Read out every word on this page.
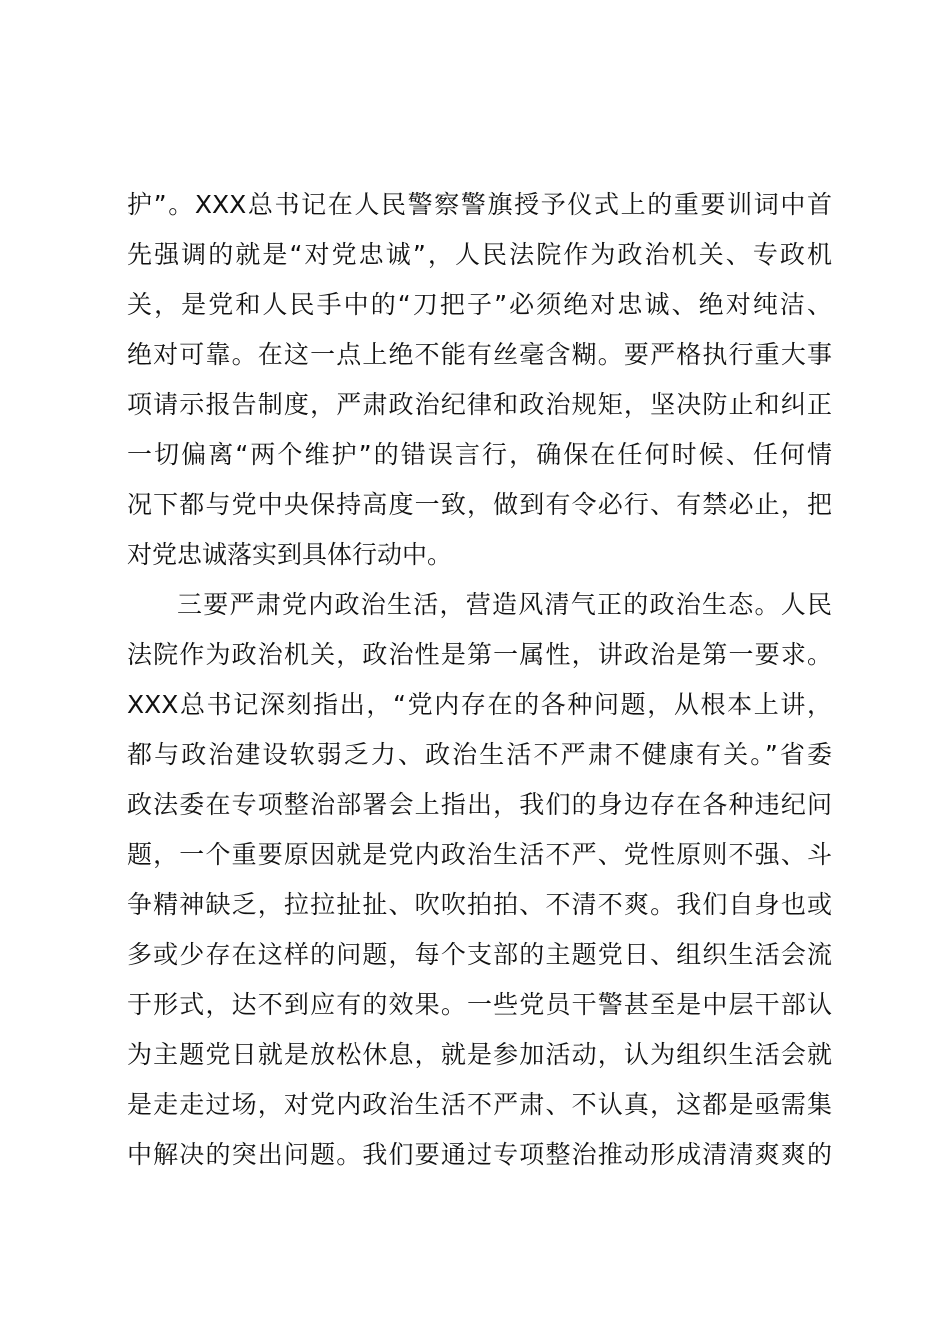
护”。XXX总书记在人民警察警旗授予仪式上的重要训词中首
先强调的就是“对党忠诚”，人民法院作为政治机关、专政机
关，是党和人民手中的“刀把子”必须绝对忠诚、绝对纯洁、
绝对可靠。在这一点上绝不能有丝毫含糊。要严格执行重大事
项请示报告制度，严肃政治纪律和政治规矩，坚决防止和纠正
一切偏离“两个维护”的错误言行，确保在任何时候、任何情
况下都与党中央保持高度一致，做到有令必行、有禁必止，把
对党忠诚落实到具体行动中。
三要严肃党内政治生活，营造风清气正的政治生态。人民
法院作为政治机关，政治性是第一属性，讲政治是第一要求。
XXX总书记深刻指出，“党内存在的各种问题，从根本上讲，
都与政治建设软弱乏力、政治生活不严肃不健康有关。”省委
政法委在专项整治部署会上指出，我们的身边存在各种违纪问
题，一个重要原因就是党内政治生活不严、党性原则不强、斗
争精神缺乏，拉拉扯扯、吹吹拍拍、不清不爽。我们自身也或
多或少存在这样的问题，每个支部的主题党日、组织生活会流
于形式，达不到应有的效果。一些党员干警甚至是中层干部认
为主题党日就是放松休息，就是参加活动，认为组织生活会就
是走走过场，对党内政治生活不严肃、不认真，这都是亟需集
中解决的突出问题。我们要通过专项整治推动形成清清爽爽的
